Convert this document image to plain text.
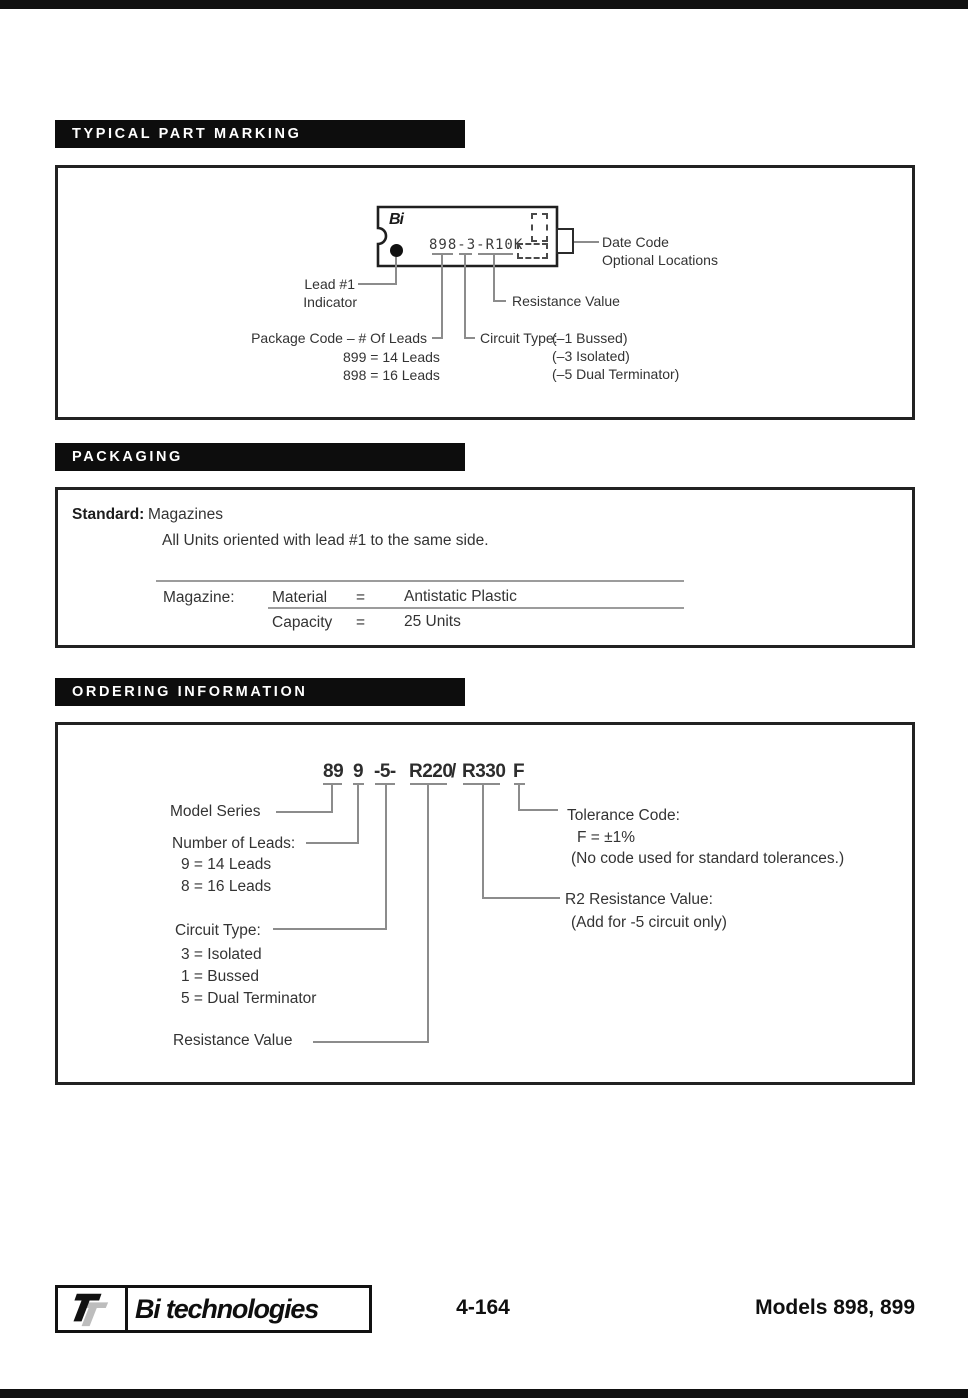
TYPICAL PART MARKING
Bi
898-3-R10K	Date Code
Optional Locations
Lead #1
Indicator	Resistance Value
Package Code – # Of Leads
899 = 14 Leads
898 = 16 Leads
Circuit Type:
(–1 Bussed)
(–3 Isolated)
(–5 Dual Terminator)
PACKAGING
Standard: Magazines
All Units oriented with lead #1 to the same side.
Magazine: Material =	Antistatic Plastic
Capacity =	25 Units
ORDERING INFORMATION
89 9 -5- R220
/ R330 F
Model Series
Number of Leads:
9 = 14 Leads
8 = 16 Leads
Circuit Type:
3 = Isolated
1 = Bussed
5 = Dual Terminator
Resistance Value
Tolerance Code:
F = ±1%
(No code used for standard tolerances.)
R2 Resistance Value:
(Add for -5 circuit only)
Bi technologies	4-164	Models 898, 899
